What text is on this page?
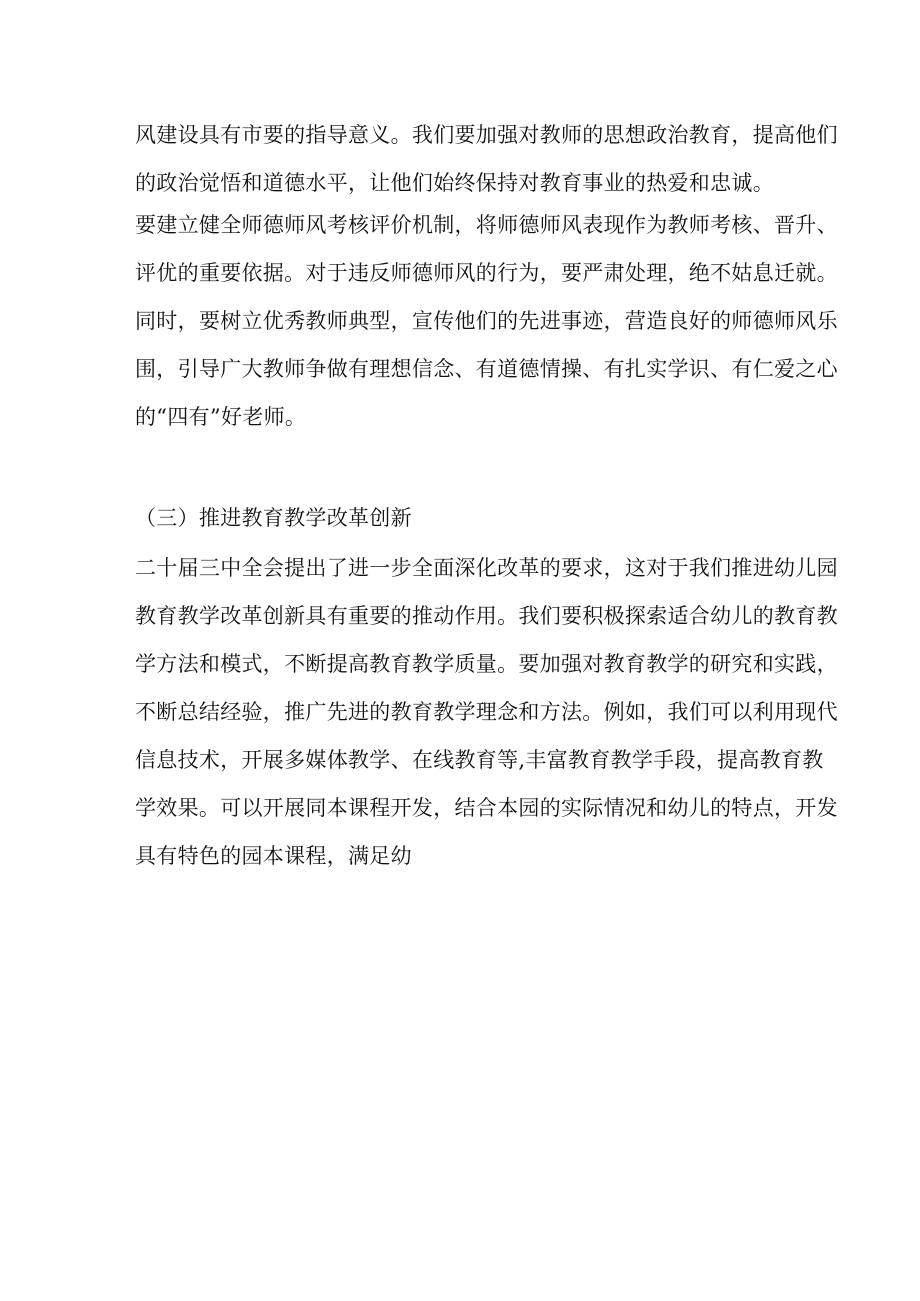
风建设具有市要的指导意义。我们要加强对教师的思想政治教育，提高他们
的政治觉悟和道德水平，让他们始终保持对教育事业的热爱和忠诚。
要建立健全师德师风考核评价机制，将师德师风表现作为教师考核、晋升、
评优的重要依据。对于违反师德师风的行为，要严肃处理，绝不姑息迁就。
同时，要树立优秀教师典型，宣传他们的先进事迹，营造良好的师德师风乐
围，引导广大教师争做有理想信念、有道德情操、有扎实学识、有仁爱之心
的“四有”好老师。
（三）推进教育教学改革创新
二十届三中全会提出了进一步全面深化改革的要求，这对于我们推进幼儿园
教育教学改革创新具有重要的推动作用。我们要积极探索适合幼儿的教育教
学方法和模式，不断提高教育教学质量。要加强对教育教学的研究和实践，
不断总结经验，推广先进的教育教学理念和方法。例如，我们可以利用现代
信息技术，开展多媒体教学、在线教育等,丰富教育教学手段，提高教育教
学效果。可以开展同本课程开发，结合本园的实际情况和幼儿的特点，开发
具有特色的园本课程，满足幼
